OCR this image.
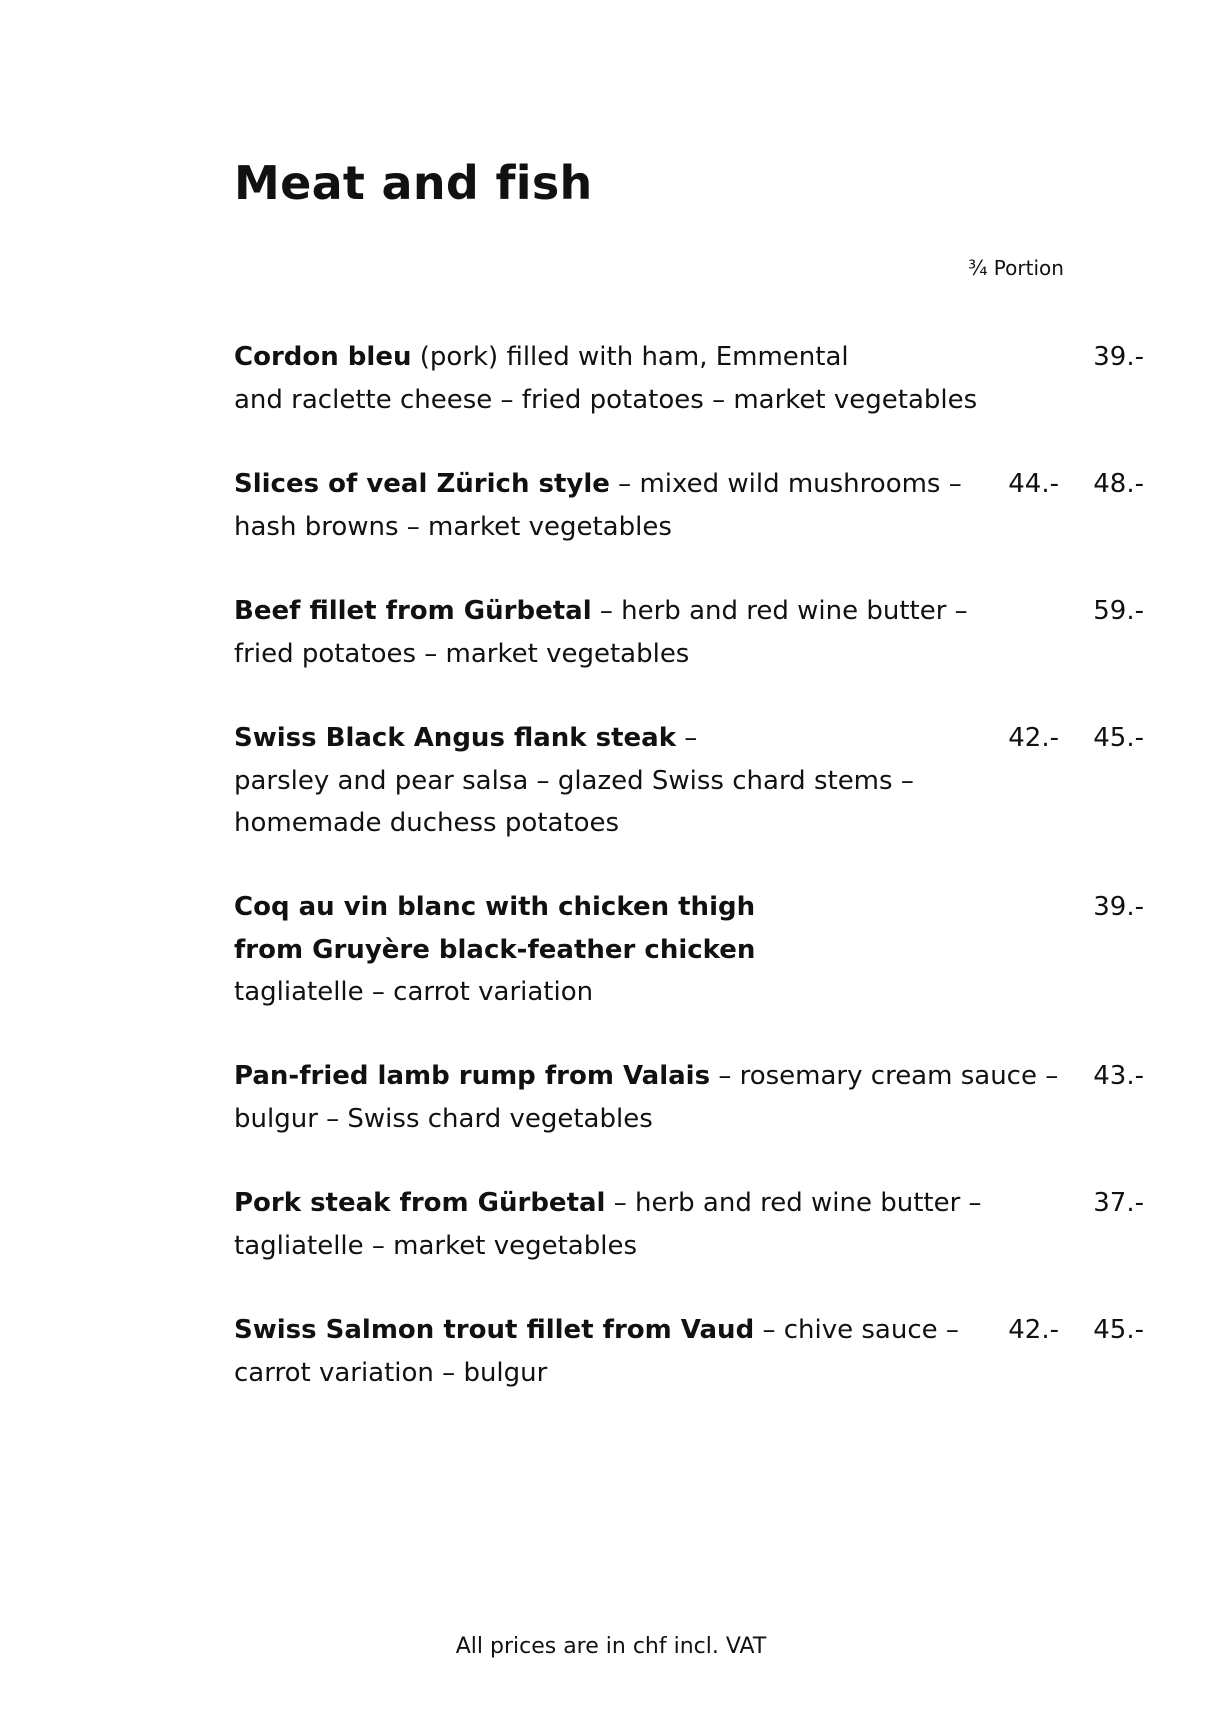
Meat and fish
¾ Portion
Cordon bleu (pork) filled with ham, Emmental
and raclette cheese – fried potatoes – market vegetables
39.-
Slices of veal Zürich style – mixed wild mushrooms –
hash browns – market vegetables
44.- 48.-
Beef fillet from Gürbetal – herb and red wine butter –
fried potatoes – market vegetables
59.-
Swiss Black Angus flank steak –
parsley and pear salsa – glazed Swiss chard stems –
homemade duchess potatoes
42.- 45.-
Coq au vin blanc with chicken thigh
from Gruyère black-feather chicken
tagliatelle – carrot variation
39.-
Pan-fried lamb rump from Valais – rosemary cream sauce –
bulgur – Swiss chard vegetables
43.-
Pork steak from Gürbetal – herb and red wine butter –
tagliatelle – market vegetables
37.-
Swiss Salmon trout fillet from Vaud – chive sauce –
carrot variation – bulgur
42.- 45.-
All prices are in chf incl. VAT
